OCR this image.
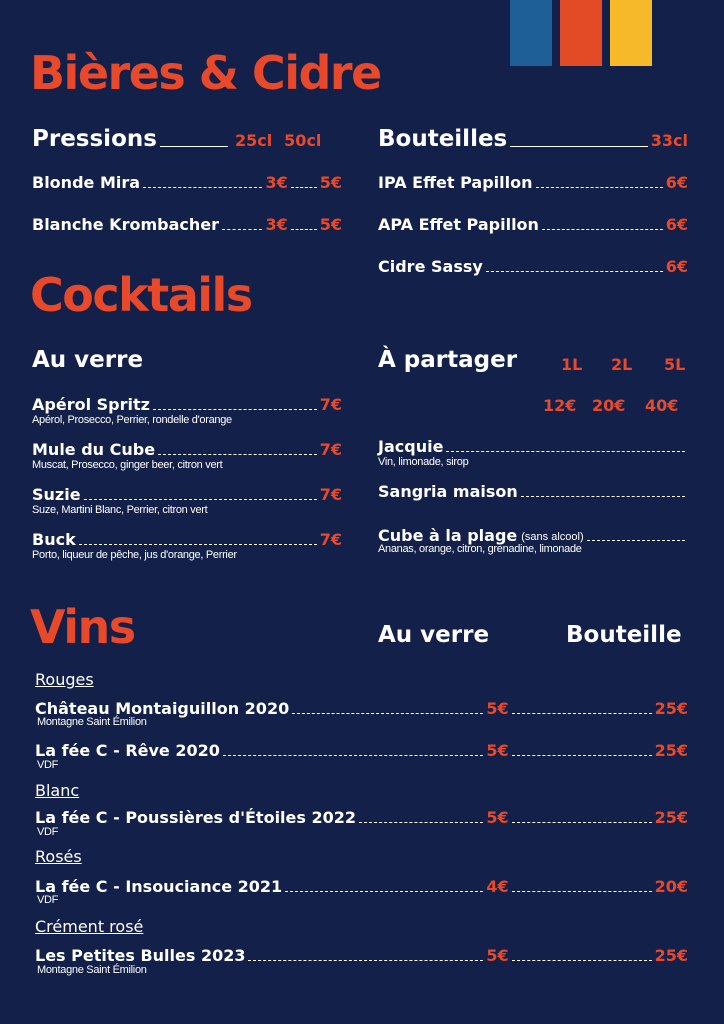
Bières & Cidre
Pressions	25cl 50cl
Blonde Mira	3€ 5€
Blanche Krombacher	3€ 5€
Bouteilles	33cl
IPA Effet Papillon	6€
APA Effet Papillon	6€
Cidre Sassy	6€
Cocktails
Au verre
Apérol Spritz	7€
Apérol, Prosecco, Perrier, rondelle d'orange
Mule du Cube	7€
Muscat, Prosecco, ginger beer, citron vert
Suzie	7€
Suze, Martini Blanc, Perrier, citron vert
Buck	7€
Porto, liqueur de pêche, jus d'orange, Perrier
À partager	1L 2L 5L
12€ 20€ 40€
Jacquie
Vin, limonade, sirop
Sangria maison
Cube à la plage (sans alcool)
Ananas, orange, citron, grenadine, limonade
Vins	Au verre	Bouteille
Rouges
Château Montaiguillon 2020	5€	25€
Montagne Saint Émilion
La fée C - Rêve 2020	5€	25€
VDF
Blanc
La fée C - Poussières d'Étoiles 2022	5€	25€
VDF
Rosés
La fée C - Insouciance 2021	4€	20€
VDF
Crément rosé
Les Petites Bulles 2023	5€	25€
Montagne Saint Émilion
